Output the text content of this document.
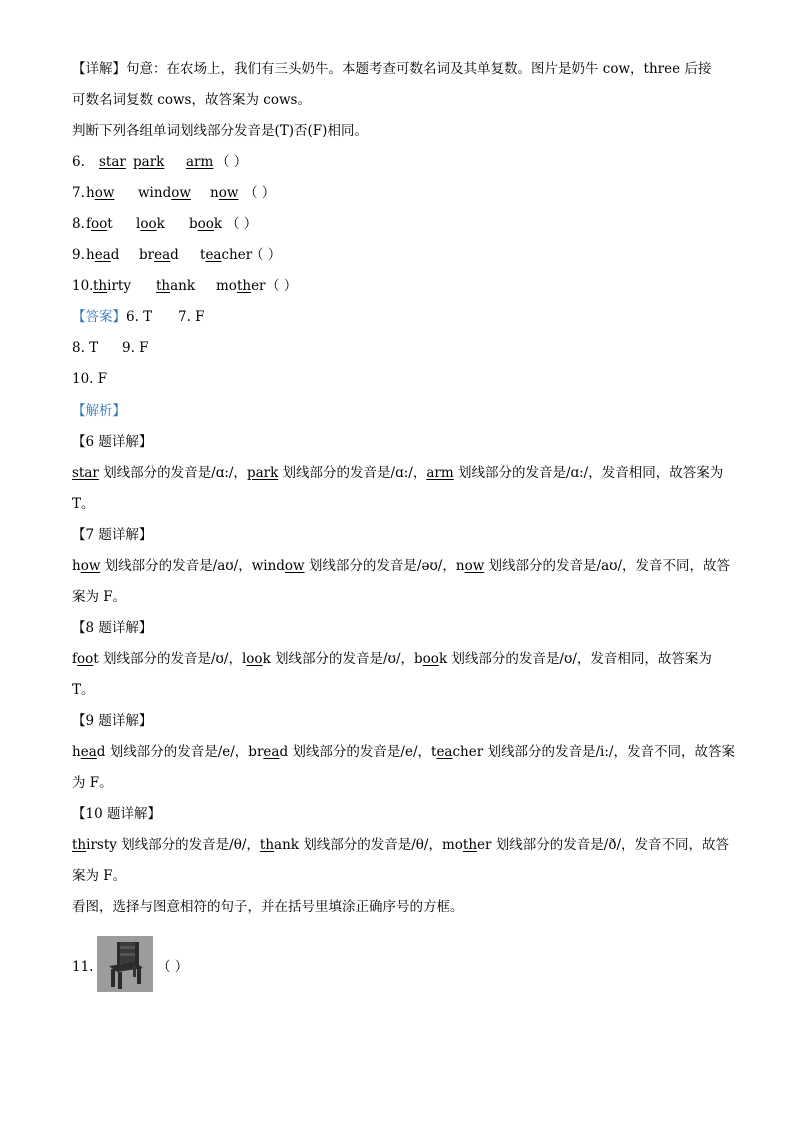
【详解】句意：在农场上，我们有三头奶牛。本题考查可数名词及其单复数。图片是奶牛 cow，three 后接
可数名词复数 cows，故答案为 cows。
判断下列各组单词划线部分发音是(T)否(F)相同。
6. star park arm （ ）
7. how window now （ ）
8. foot look book （ ）
9. head bread teacher
（ ）
10. thirty thank mother （ ）
【答案】6. T 7. F
8. T 9. F
10. F
【解析】
【6 题详解】
star 划线部分的发音是/ɑ:/，park 划线部分的发音是/ɑ:/，arm 划线部分的发音是/ɑ:/，发音相同，故答案为
T。
【7 题详解】
how 划线部分的发音是/aʊ/，window 划线部分的发音是/əʊ/，now 划线部分的发音是/aʊ/，发音不同，故答
案为 F。
【8 题详解】
foot 划线部分的发音是/ʊ/，look 划线部分的发音是/ʊ/，book 划线部分的发音是/ʊ/，发音相同，故答案为
T。
【9 题详解】
head 划线部分的发音是/e/，bread 划线部分的发音是/e/，teacher 划线部分的发音是/i:/，发音不同，故答案
为 F。
【10 题详解】
thirsty 划线部分的发音是/θ/，thank 划线部分的发音是/θ/，mother 划线部分的发音是/ð/，发音不同，故答
案为 F。
看图，选择与图意相符的句子，并在括号里填涂正确序号的方框。
11.	（ ）
